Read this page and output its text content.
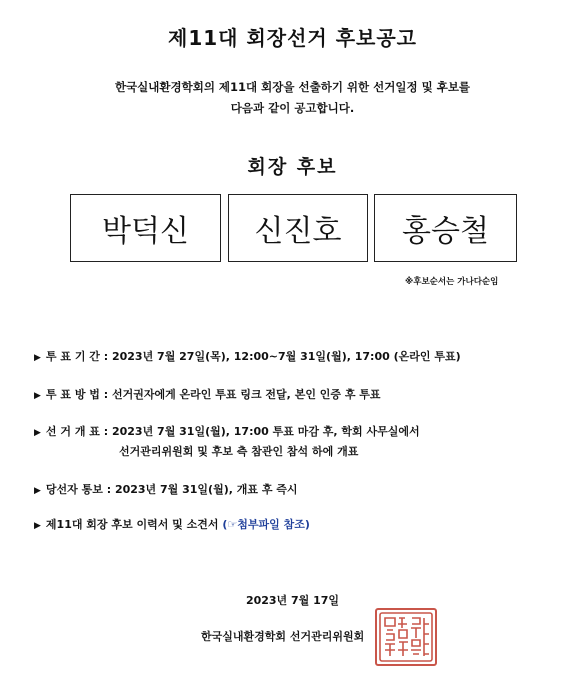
제11대 회장선거 후보공고
한국실내환경학회의 제11대 회장을 선출하기 위한 선거일정 및 후보를
다음과 같이 공고합니다.
회장 후보
박덕신	신진호	홍승철
※후보순서는 가나다순임
▶ 투 표 기 간 : 2023년 7월 27일(목), 12:00~7월 31일(월), 17:00 (온라인 투표)
▶ 투 표 방 법 : 선거권자에게 온라인 투표 링크 전달, 본인 인증 후 투표
▶ 선 거 개 표 : 2023년 7월 31일(월), 17:00 투표 마감 후, 학회 사무실에서
선거관리위원회 및 후보 측 참관인 참석 하에 개표
▶ 당선자 통보 : 2023년 7월 31일(월), 개표 후 즉시
▶ 제11대 회장 후보 이력서 및 소견서 (☞첨부파일 참조)
2023년 7월 17일
한국실내환경학회 선거관리위원회
